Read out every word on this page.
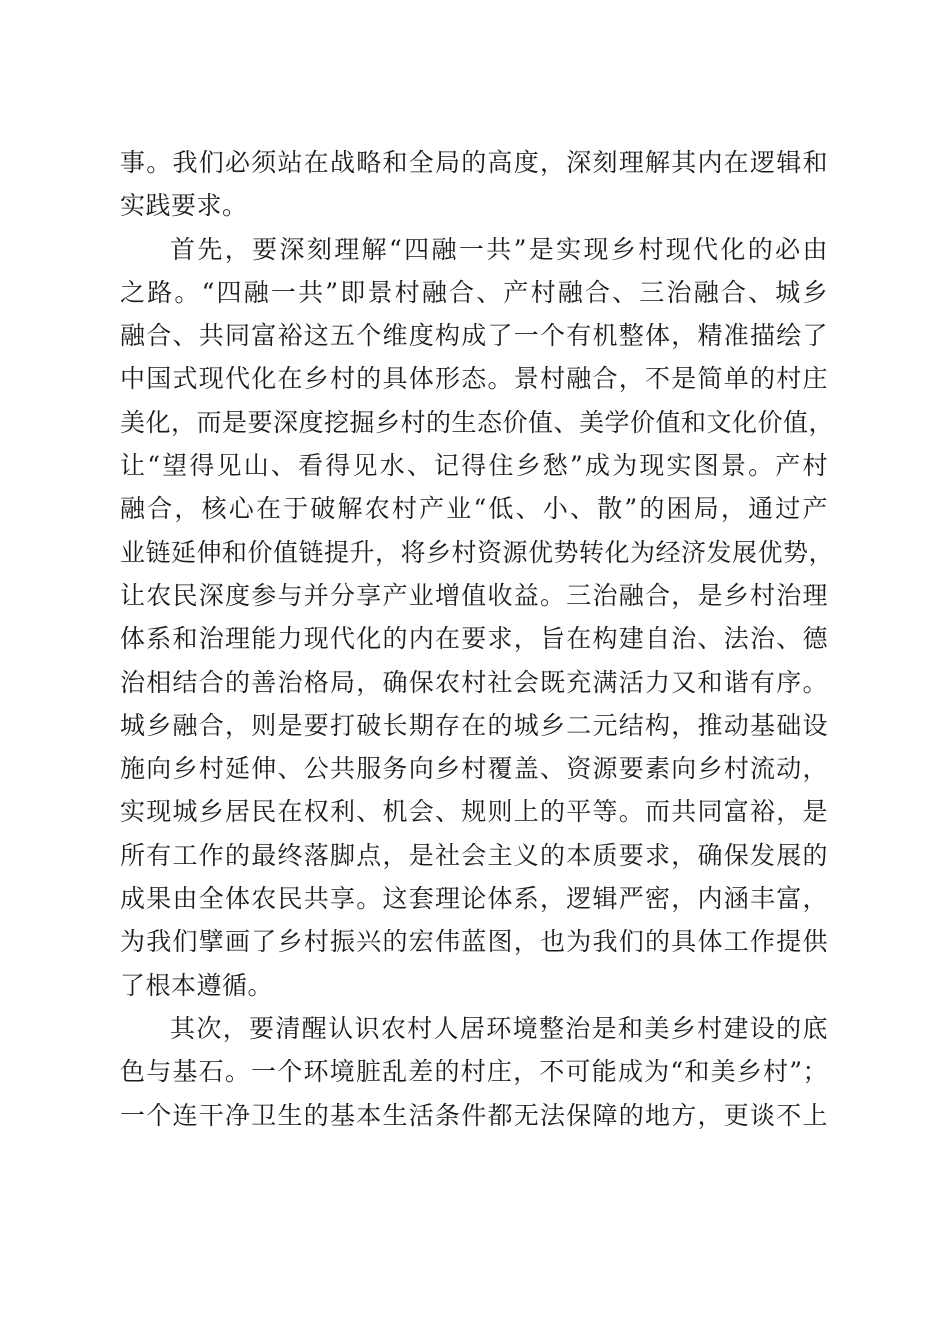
事。我们必须站在战略和全局的高度，深刻理解其内在逻辑和
实践要求。
首先，要深刻理解“四融一共”是实现乡村现代化的必由
之路。“四融一共”即景村融合、产村融合、三治融合、城乡
融合、共同富裕这五个维度构成了一个有机整体，精准描绘了
中国式现代化在乡村的具体形态。景村融合，不是简单的村庄
美化，而是要深度挖掘乡村的生态价值、美学价值和文化价值，
让“望得见山、看得见水、记得住乡愁”成为现实图景。产村
融合，核心在于破解农村产业“低、小、散”的困局，通过产
业链延伸和价值链提升，将乡村资源优势转化为经济发展优势，
让农民深度参与并分享产业增值收益。三治融合，是乡村治理
体系和治理能力现代化的内在要求，旨在构建自治、法治、德
治相结合的善治格局，确保农村社会既充满活力又和谐有序。
城乡融合，则是要打破长期存在的城乡二元结构，推动基础设
施向乡村延伸、公共服务向乡村覆盖、资源要素向乡村流动，
实现城乡居民在权利、机会、规则上的平等。而共同富裕，是
所有工作的最终落脚点，是社会主义的本质要求，确保发展的
成果由全体农民共享。这套理论体系，逻辑严密，内涵丰富，
为我们擘画了乡村振兴的宏伟蓝图，也为我们的具体工作提供
了根本遵循。
其次，要清醒认识农村人居环境整治是和美乡村建设的底
色与基石。一个环境脏乱差的村庄，不可能成为“和美乡村”；
一个连干净卫生的基本生活条件都无法保障的地方，更谈不上
